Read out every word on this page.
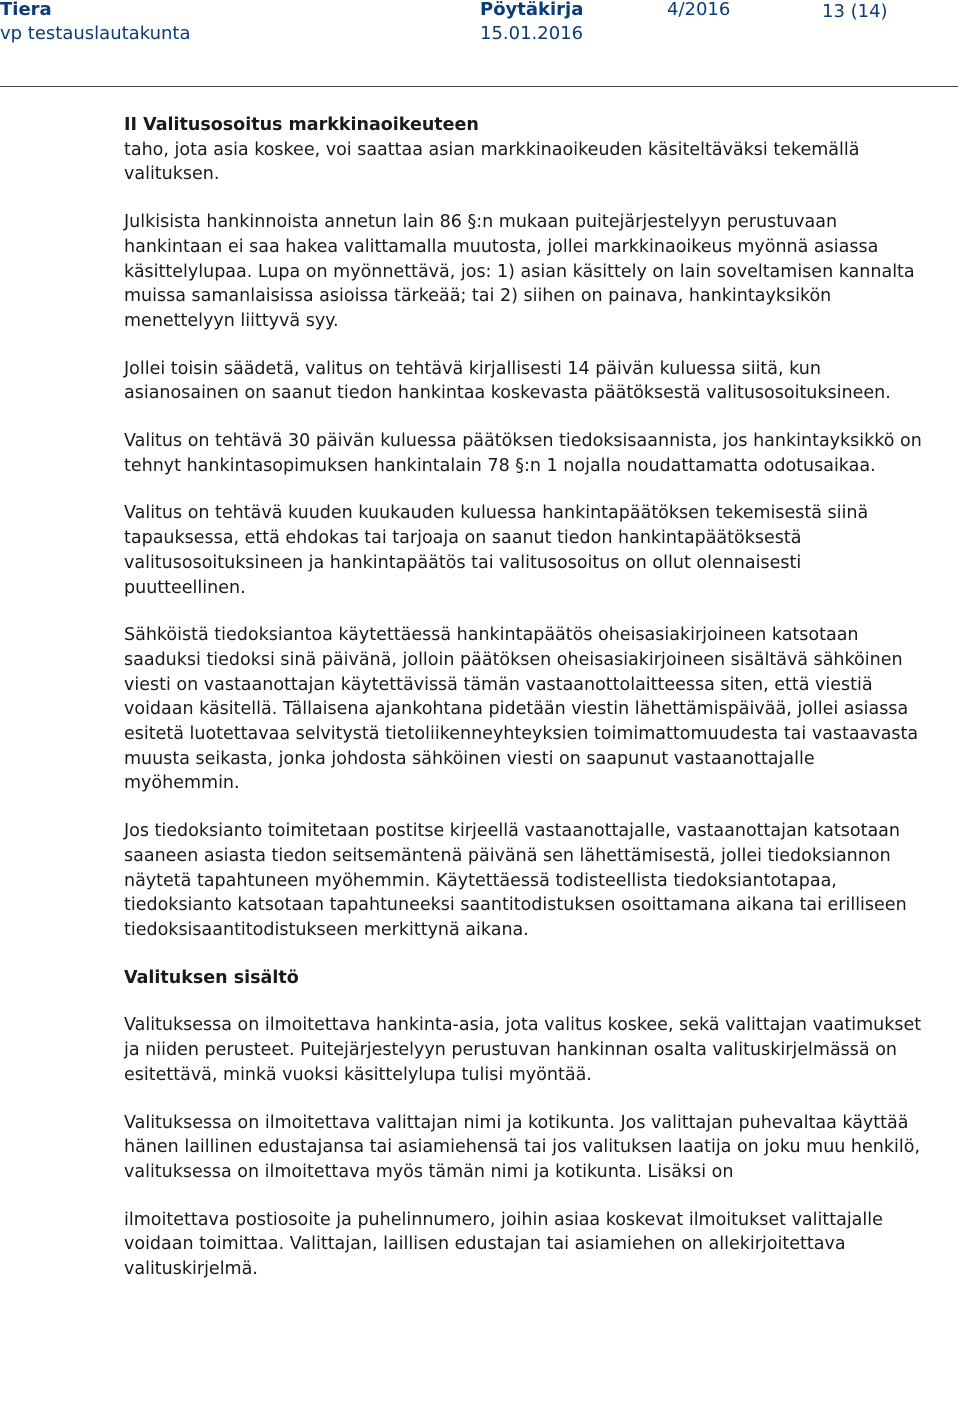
Tiera
vp testauslautakunta
Pöytäkirja
15.01.2016
4/2016	13 (14)
II Valitusosoitus markkinaoikeuteen

taho, jota asia koskee, voi saattaa asian markkinaoikeuden käsiteltäväksi tekemällä valituksen.

Julkisista hankinnoista annetun lain 86 §:n mukaan puitejärjestelyyn perustuvaan hankintaan ei saa hakea valittamalla muutosta, jollei markkinaoikeus myönnä asiassa käsittelylupaa. Lupa on myönnettävä, jos: 1) asian käsittely on lain soveltamisen kannalta muissa samanlaisissa asioissa tärkeää; tai 2) siihen on painava, hankintayksikön menettelyyn liittyvä syy.

Jollei toisin säädetä, valitus on tehtävä kirjallisesti 14 päivän kuluessa siitä, kun asianosainen on saanut tiedon hankintaa koskevasta päätöksestä valitusosoituksineen.

Valitus on tehtävä 30 päivän kuluessa päätöksen tiedoksisaannista, jos hankintayksikkö on tehnyt hankintasopimuksen hankintalain 78 §:n 1 nojalla noudattamatta odotusaikaa.

Valitus on tehtävä kuuden kuukauden kuluessa hankintapäätöksen tekemisestä siinä tapauksessa, että ehdokas tai tarjoaja on saanut tiedon hankintapäätöksestä valitusosoituksineen ja hankintapäätös tai valitusosoitus on ollut olennaisesti puutteellinen.

Sähköistä tiedoksiantoa käytettäessä hankintapäätös oheisasiakirjoineen katsotaan saaduksi tiedoksi sinä päivänä, jolloin päätöksen oheisasiakirjoineen sisältävä sähköinen viesti on vastaanottajan käytettävissä tämän vastaanottolaitteessa siten, että viestiä voidaan käsitellä. Tällaisena ajankohtana pidetään viestin lähettämispäivää, jollei asiassa esitetä luotettavaa selvitystä tietoliikenneyhteyksien toimimattomuudesta tai vastaavasta muusta seikasta, jonka johdosta sähköinen viesti on saapunut vastaanottajalle myöhemmin.

Jos tiedoksianto toimitetaan postitse kirjeellä vastaanottajalle, vastaanottajan katsotaan saaneen asiasta tiedon seitsemäntenä päivänä sen lähettämisestä, jollei tiedoksiannon näytetä tapahtuneen myöhemmin. Käytettäessä todisteellista tiedoksiantotapaa, tiedoksianto katsotaan tapahtuneeksi saantitodistuksen osoittamana aikana tai erilliseen tiedoksisaantitodistukseen merkittynä aikana.

Valituksen sisältö

Valituksessa on ilmoitettava hankinta-asia, jota valitus koskee, sekä valittajan vaatimukset ja niiden perusteet. Puitejärjestelyyn perustuvan hankinnan osalta valituskirjelmässä on esitettävä, minkä vuoksi käsittelylupa tulisi myöntää.

Valituksessa on ilmoitettava valittajan nimi ja kotikunta. Jos valittajan puhevaltaa käyttää hänen laillinen edustajansa tai asiamiehensä tai jos valituksen laatija on joku muu henkilö, valituksessa on ilmoitettava myös tämän nimi ja kotikunta. Lisäksi on

ilmoitettava postiosoite ja puhelinnumero, joihin asiaa koskevat ilmoitukset valittajalle voidaan toimittaa. Valittajan, laillisen edustajan tai asiamiehen on allekirjoitettava valituskirjelmä.
